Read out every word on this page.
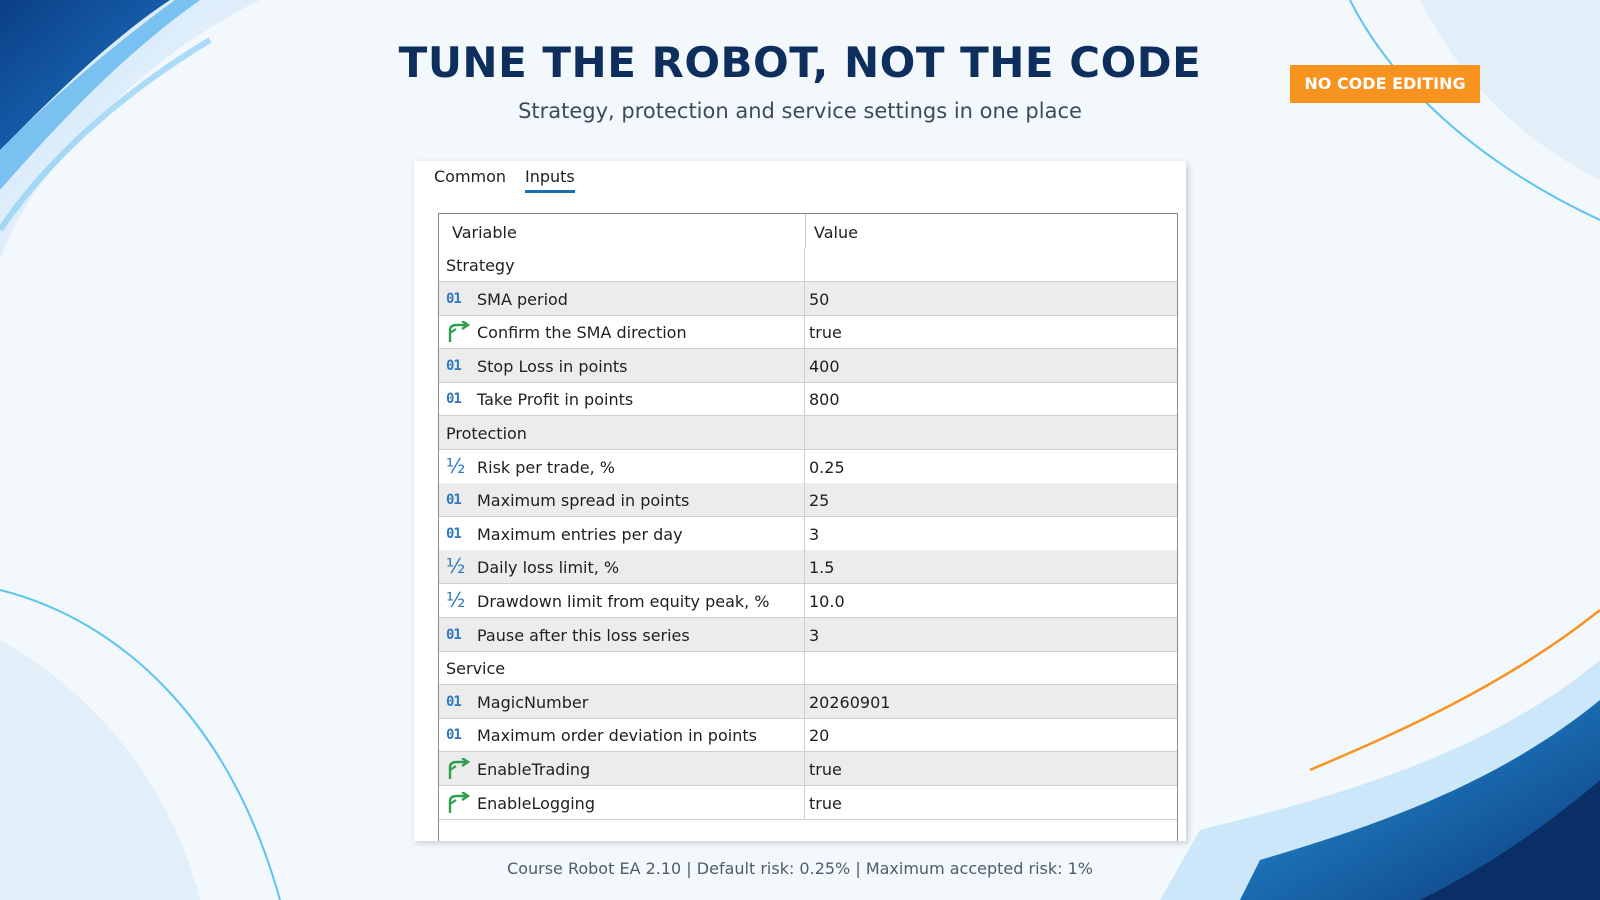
TUNE THE ROBOT, NOT THE CODE
Strategy, protection and service settings in one place
NO CODE EDITING
Common Inputs
Variable	Value
Strategy
01	SMA period	50
Confirm the SMA direction	true
01	Stop Loss in points	400
01	Take Profit in points	800
Protection
½ Risk per trade, %	0.25
01	Maximum spread in points	25
01	Maximum entries per day	3
½ Daily loss limit, %	1.5
½ Drawdown limit from equity peak, % 10.0
01	Pause after this loss series	3
Service
01	MagicNumber	20260901
01	Maximum order deviation in points	20
EnableTrading	true
EnableLogging	true
Course Robot EA 2.10 | Default risk: 0.25% | Maximum accepted risk: 1%
